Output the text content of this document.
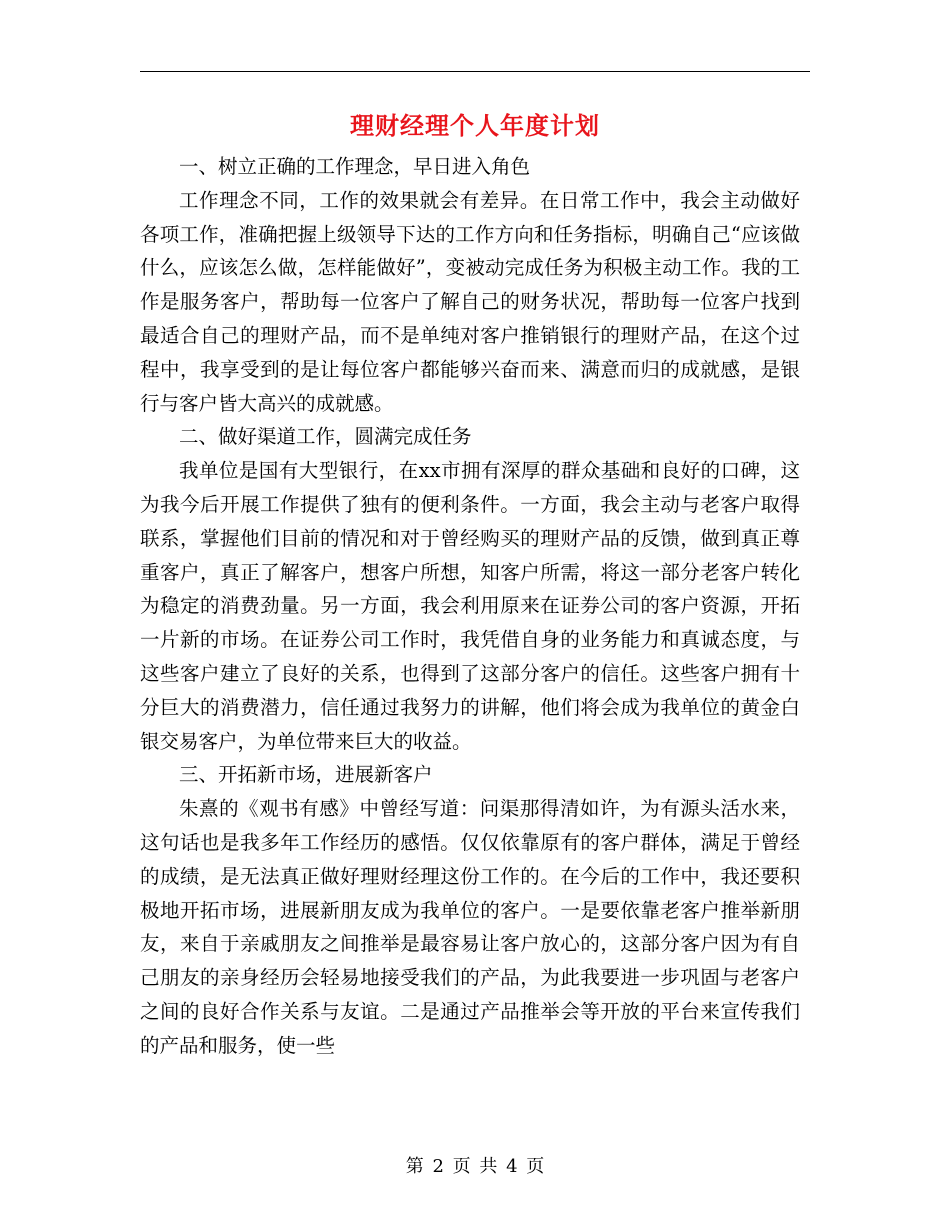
理财经理个人年度计划

一、树立正确的工作理念，早日进入角色

工作理念不同，工作的效果就会有差异。在日常工作中，我会主动做好各项工作，准确把握上级领导下达的工作方向和任务指标，明确自己“应该做什么，应该怎么做，怎样能做好”，变被动完成任务为积极主动工作。我的工作是服务客户，帮助每一位客户了解自己的财务状况，帮助每一位客户找到最适合自己的理财产品，而不是单纯对客户推销银行的理财产品，在这个过程中，我享受到的是让每位客户都能够兴奋而来、满意而归的成就感，是银行与客户皆大高兴的成就感。

二、做好渠道工作，圆满完成任务

我单位是国有大型银行，在xx市拥有深厚的群众基础和良好的口碑，这为我今后开展工作提供了独有的便利条件。一方面，我会主动与老客户取得联系，掌握他们目前的情况和对于曾经购买的理财产品的反馈，做到真正尊重客户，真正了解客户，想客户所想，知客户所需，将这一部分老客户转化为稳定的消费劲量。另一方面，我会利用原来在证券公司的客户资源，开拓一片新的市场。在证券公司工作时，我凭借自身的业务能力和真诚态度，与这些客户建立了良好的关系，也得到了这部分客户的信任。这些客户拥有十分巨大的消费潜力，信任通过我努力的讲解，他们将会成为我单位的黄金白银交易客户，为单位带来巨大的收益。

三、开拓新市场，进展新客户

朱熹的《观书有感》中曾经写道：问渠那得清如许，为有源头活水来，这句话也是我多年工作经历的感悟。仅仅依靠原有的客户群体，满足于曾经的成绩，是无法真正做好理财经理这份工作的。在今后的工作中，我还要积极地开拓市场，进展新朋友成为我单位的客户。一是要依靠老客户推举新朋友，来自于亲戚朋友之间推举是最容易让客户放心的，这部分客户因为有自己朋友的亲身经历会轻易地接受我们的产品，为此我要进一步巩固与老客户之间的良好合作关系与友谊。二是通过产品推举会等开放的平台来宣传我们的产品和服务，使一些

第 2 页 共 4 页
